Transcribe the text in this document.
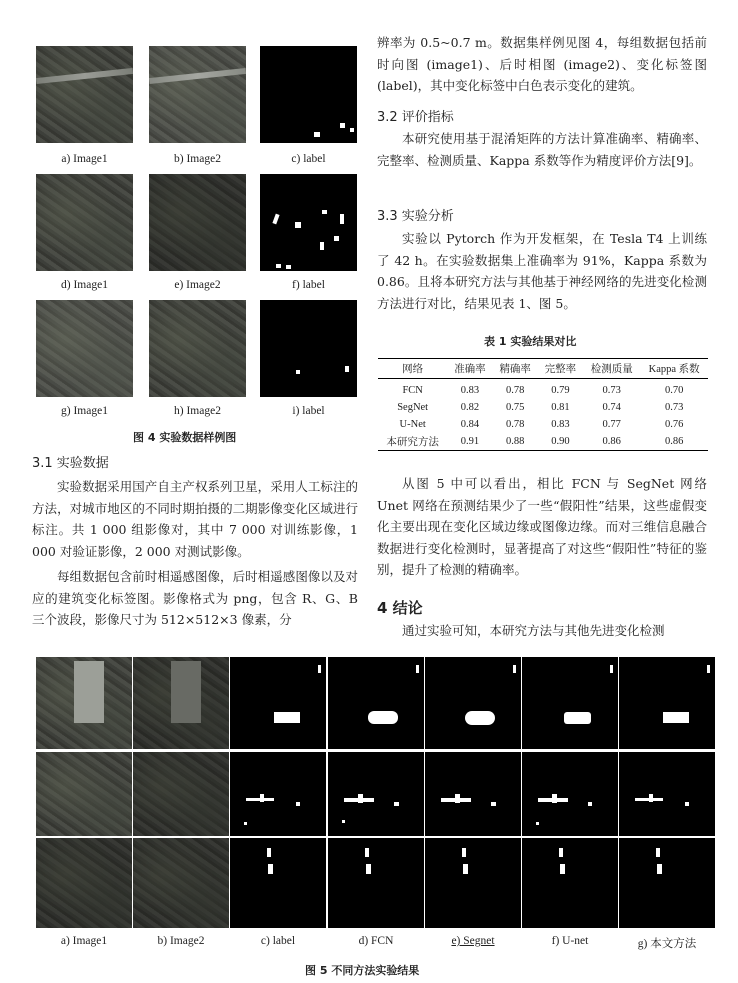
a) Image1	b) Image2	c) label
d) Image1	e) Image2	f) label
g) Image1	h) Image2	i) label
图 4 实验数据样例图
3.1 实验数据
实验数据采用国产自主产权系列卫星，采用人工标注的方法，对城市地区的不同时期拍摄的二期影像变化区域进行标注。共 1 000 组影像对，其中 7 000 对训练影像，1 000 对验证影像，2 000 对测试影像。
每组数据包含前时相遥感图像，后时相遥感图像以及对应的建筑变化标签图。影像格式为 png，包含 R、G、B 三个波段，影像尺寸为 512×512×3 像素，分
辨率为 0.5~0.7 m。数据集样例见图 4，每组数据包括前时向图 (image1)、后时相图 (image2)、变化标签图 (label)，其中变化标签中白色表示变化的建筑。
3.2 评价指标
本研究使用基于混淆矩阵的方法计算准确率、精确率、完整率、检测质量、Kappa 系数等作为精度评价方法[9]。
3.3 实验分析
实验以 Pytorch 作为开发框架，在 Tesla T4 上训练了 42 h。在实验数据集上准确率为 91%，Kappa 系数为 0.86。且将本研究方法与其他基于神经网络的先进变化检测方法进行对比，结果见表 1、图 5。
表 1 实验结果对比
网络	准确率	精确率	完整率	检测质量	Kappa 系数
FCN	0.83	0.78	0.79	0.73	0.70
SegNet	0.82	0.75	0.81	0.74	0.73
U-Net	0.84	0.78	0.83	0.77	0.76
本研究方法	0.91	0.88	0.90	0.86	0.86
从图 5 中可以看出，相比 FCN 与 SegNet 网络 Unet 网络在预测结果少了一些“假阳性”结果，这些虚假变化主要出现在变化区域边缘或图像边缘。而对三维信息融合数据进行变化检测时，显著提高了对这些“假阳性”特征的鉴别，提升了检测的精确率。
4 结论
通过实验可知，本研究方法与其他先进变化检测
a) Image1	b) Image2	c) label	d) FCN	e) Segnet	f) U-net	g) 本文方法
图 5 不同方法实验结果
